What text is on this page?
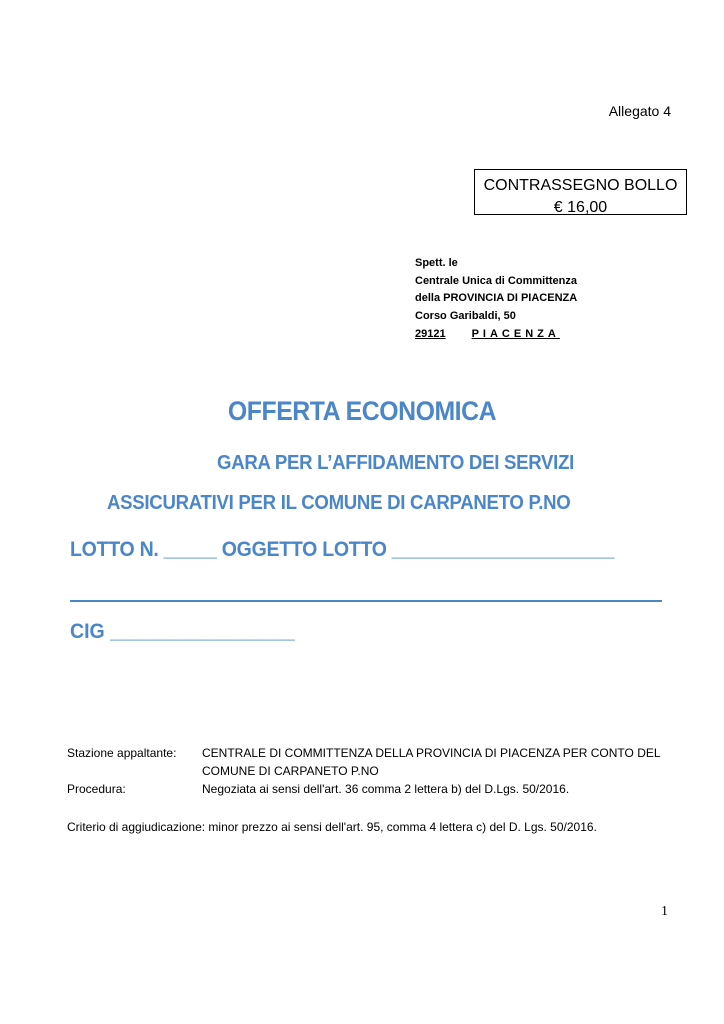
Allegato 4
CONTRASSEGNO BOLLO
€ 16,00
Spett. le
Centrale Unica di Committenza
della PROVINCIA DI PIACENZA
Corso Garibaldi, 50
29121 PIACENZA
OFFERTA ECONOMICA
GARA PER L’AFFIDAMENTO DEI SERVIZI
ASSICURATIVI PER IL COMUNE DI CARPANETO P.NO
LOTTO N. _____ OGGETTO LOTTO _____________________
CIG _________________
Stazione appaltante: CENTRALE DI COMMITTENZA DELLA PROVINCIA DI PIACENZA PER CONTO DEL
COMUNE DI CARPANETO P.NO
Procedura:	Negoziata ai sensi dell'art. 36 comma 2 lettera b) del D.Lgs. 50/2016.
Criterio di aggiudicazione: minor prezzo ai sensi dell'art. 95, comma 4 lettera c) del D. Lgs. 50/2016.
1
